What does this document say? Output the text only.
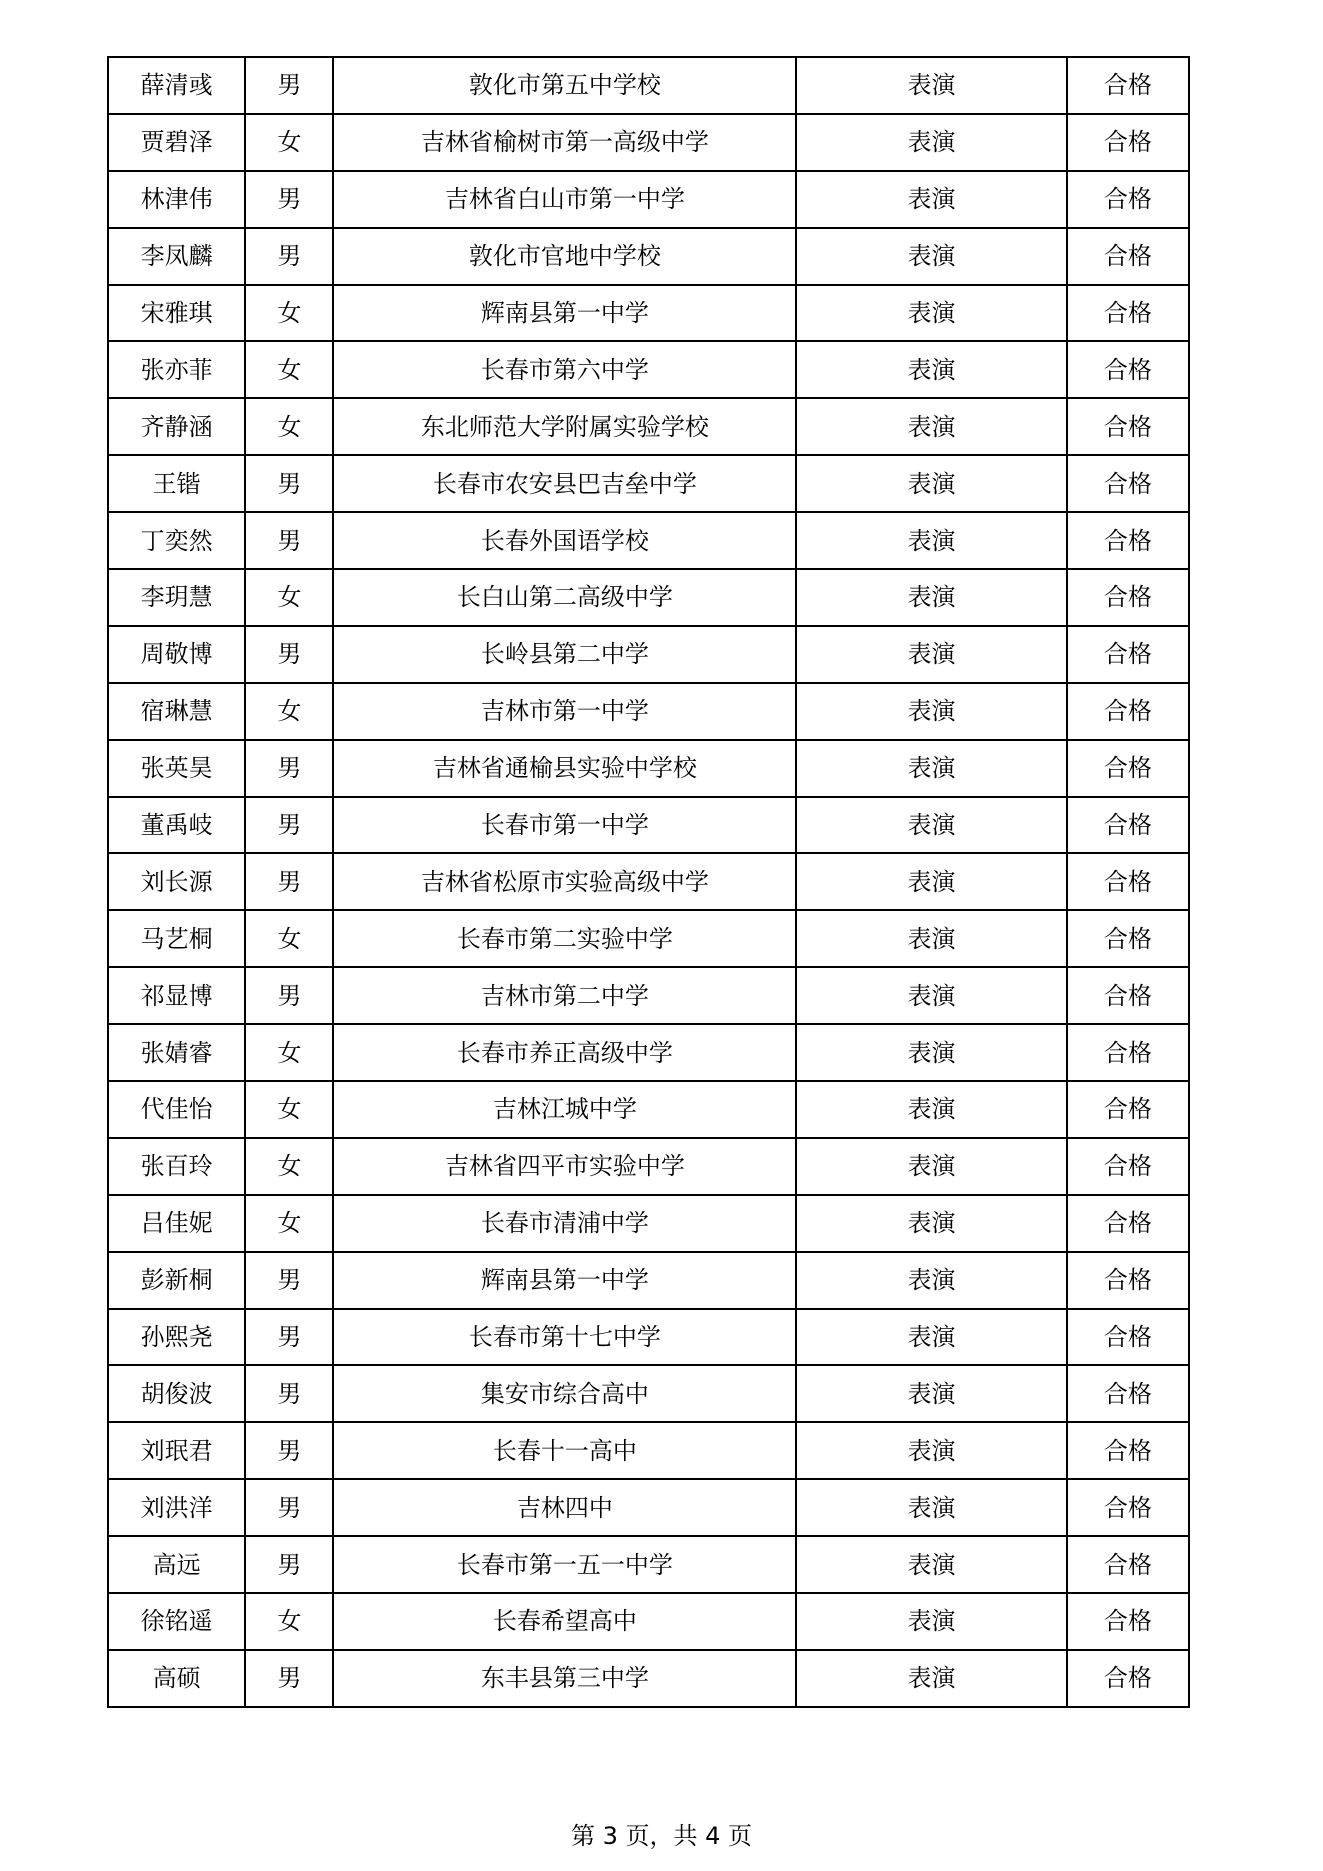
薛清彧	男	敦化市第五中学校	表演	合格
贾碧泽	女	吉林省榆树市第一高级中学	表演	合格
林津伟	男	吉林省白山市第一中学	表演	合格
李凤麟	男	敦化市官地中学校	表演	合格
宋雅琪	女	辉南县第一中学	表演	合格
张亦菲	女	长春市第六中学	表演	合格
齐静涵	女	东北师范大学附属实验学校	表演	合格
王锴	男	长春市农安县巴吉垒中学	表演	合格
丁奕然	男	长春外国语学校	表演	合格
李玥慧	女	长白山第二高级中学	表演	合格
周敬博	男	长岭县第二中学	表演	合格
宿琳慧	女	吉林市第一中学	表演	合格
张英昊	男	吉林省通榆县实验中学校	表演	合格
董禹岐	男	长春市第一中学	表演	合格
刘长源	男	吉林省松原市实验高级中学	表演	合格
马艺桐	女	长春市第二实验中学	表演	合格
祁显博	男	吉林市第二中学	表演	合格
张婧睿	女	长春市养正高级中学	表演	合格
代佳怡	女	吉林江城中学	表演	合格
张百玲	女	吉林省四平市实验中学	表演	合格
吕佳妮	女	长春市清浦中学	表演	合格
彭新桐	男	辉南县第一中学	表演	合格
孙熙尧	男	长春市第十七中学	表演	合格
胡俊波	男	集安市综合高中	表演	合格
刘珉君	男	长春十一高中	表演	合格
刘洪洋	男	吉林四中	表演	合格
高远	男	长春市第一五一中学	表演	合格
徐铭遥	女	长春希望高中	表演	合格
高硕	男	东丰县第三中学	表演	合格
第 3 页，共 4 页
